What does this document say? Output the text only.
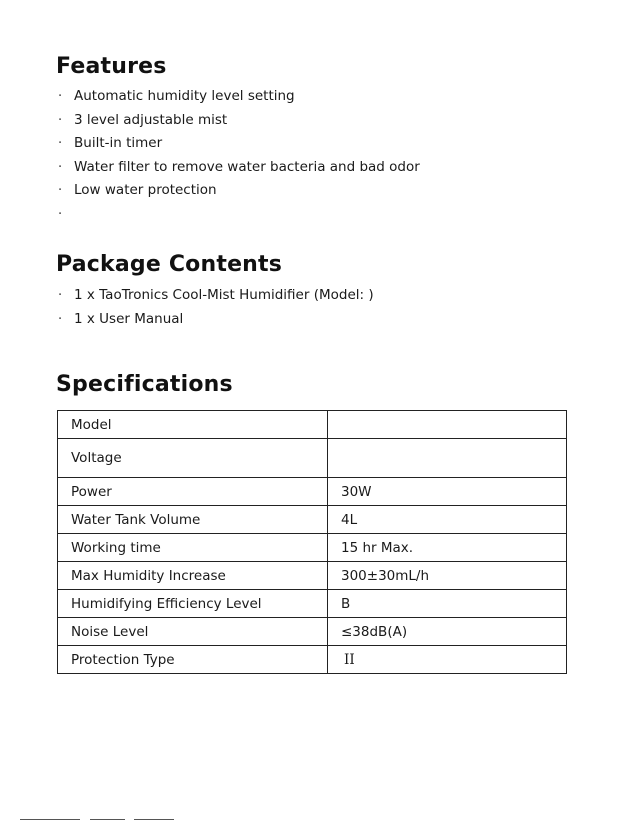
Features
· Automatic humidity level setting
· 3 level adjustable mist
· Built-in timer
· Water filter to remove water bacteria and bad odor
· Low water protection
·
Package Contents
· 1 x TaoTronics Cool-Mist Humidifier (Model: )
· 1 x User Manual
Specifications
Model	
Voltage	
Power	30W
Water Tank Volume	4L
Working time	15 hr Max.
Max Humidity Increase	300±30mL/h
Humidifying Efficiency Level	B
Noise Level	≤38dB(A)
Protection Type	II
